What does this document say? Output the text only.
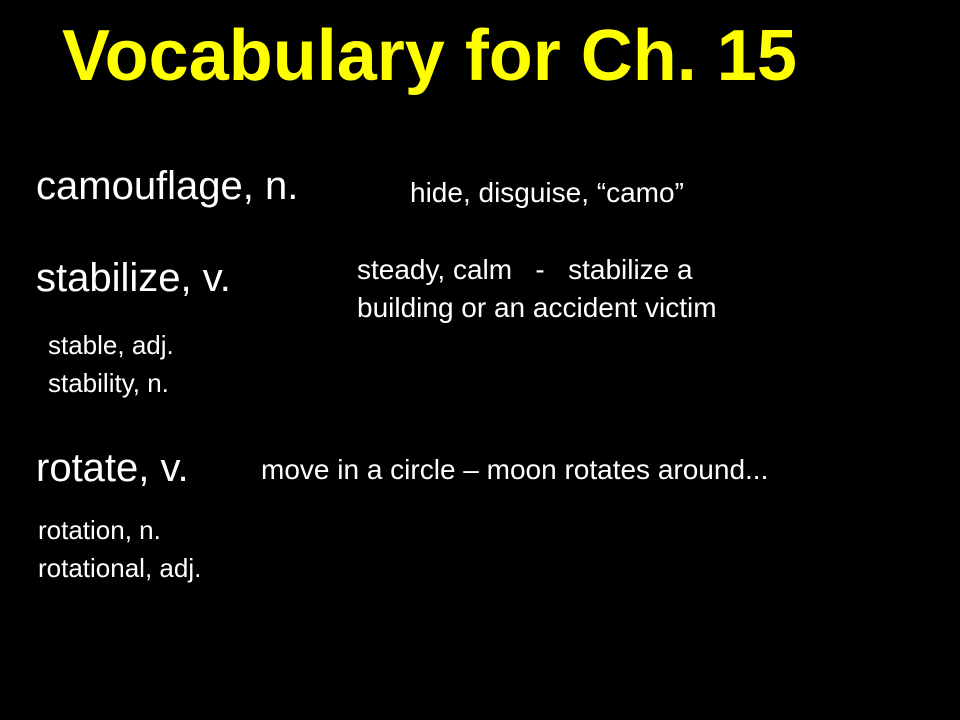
Vocabulary for Ch. 15
camouflage, n.	hide, disguise, “camo”
stabilize, v.	steady, calm   -   stabilize a
building or an accident victim
stable, adj.
stability, n.
rotate, v.	move in a circle – moon rotates around...
rotation, n.
rotational, adj.
